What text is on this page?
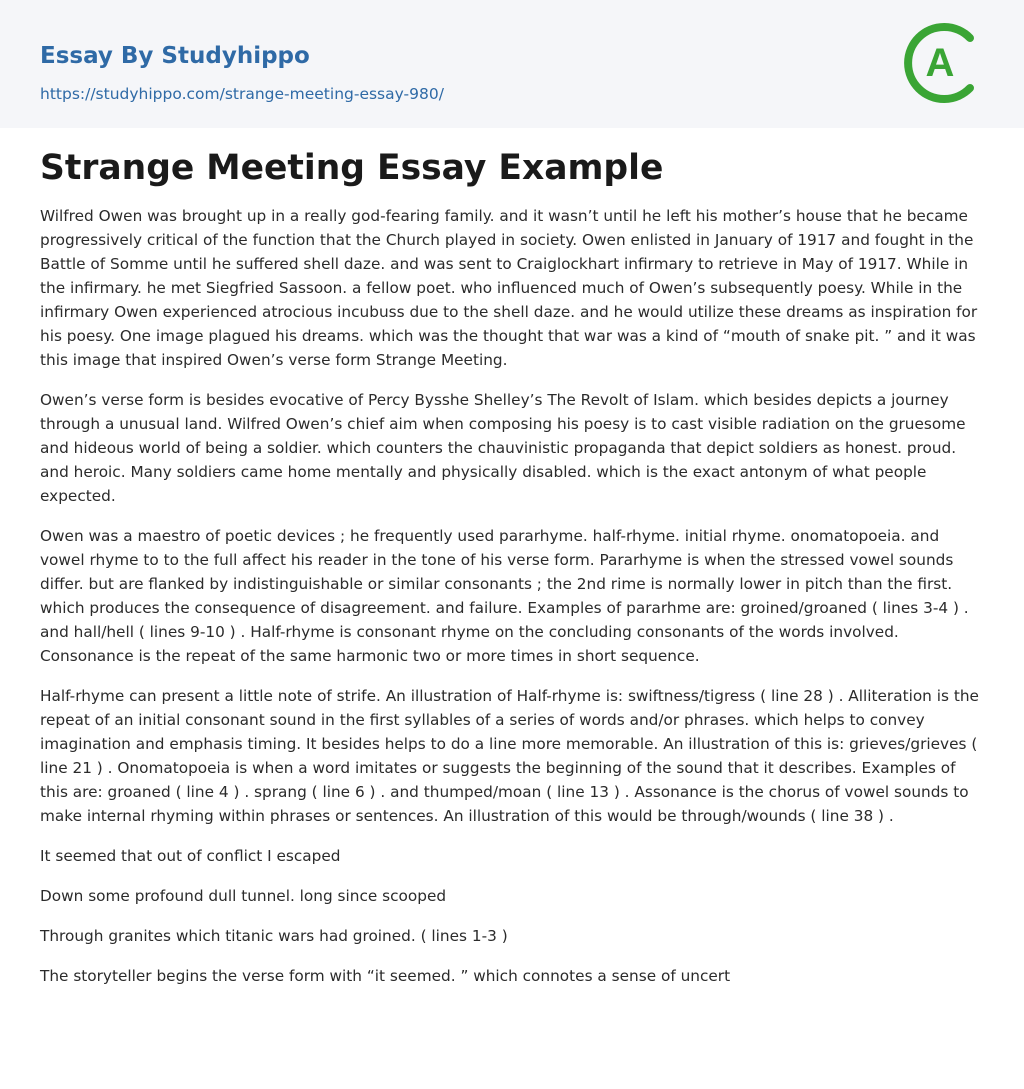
Essay By Studyhippo
https://studyhippo.com/strange-meeting-essay-980/
A
Strange Meeting Essay Example

Wilfred Owen was brought up in a really god-fearing family. and it wasn’t until he left his mother’s house that he became progressively critical of the function that the Church played in society. Owen enlisted in January of 1917 and fought in the Battle of Somme until he suffered shell daze. and was sent to Craiglockhart infirmary to retrieve in May of 1917. While in the infirmary. he met Siegfried Sassoon. a fellow poet. who influenced much of Owen’s subsequently poesy. While in the infirmary Owen experienced atrocious incubuss due to the shell daze. and he would utilize these dreams as inspiration for his poesy. One image plagued his dreams. which was the thought that war was a kind of “mouth of snake pit. ” and it was this image that inspired Owen’s verse form Strange Meeting.

Owen’s verse form is besides evocative of Percy Bysshe Shelley’s The Revolt of Islam. which besides depicts a journey through a unusual land. Wilfred Owen’s chief aim when composing his poesy is to cast visible radiation on the gruesome and hideous world of being a soldier. which counters the chauvinistic propaganda that depict soldiers as honest. proud. and heroic. Many soldiers came home mentally and physically disabled. which is the exact antonym of what people expected.

Owen was a maestro of poetic devices ; he frequently used pararhyme. half-rhyme. initial rhyme. onomatopoeia. and vowel rhyme to to the full affect his reader in the tone of his verse form. Pararhyme is when the stressed vowel sounds differ. but are flanked by indistinguishable or similar consonants ; the 2nd rime is normally lower in pitch than the first. which produces the consequence of disagreement. and failure. Examples of pararhme are: groined/groaned ( lines 3-4 ) . and hall/hell ( lines 9-10 ) . Half-rhyme is consonant rhyme on the concluding consonants of the words involved. Consonance is the repeat of the same harmonic two or more times in short sequence.

Half-rhyme can present a little note of strife. An illustration of Half-rhyme is: swiftness/tigress ( line 28 ) . Alliteration is the repeat of an initial consonant sound in the first syllables of a series of words and/or phrases. which helps to convey imagination and emphasis timing. It besides helps to do a line more memorable. An illustration of this is: grieves/grieves ( line 21 ) . Onomatopoeia is when a word imitates or suggests the beginning of the sound that it describes. Examples of this are: groaned ( line 4 ) . sprang ( line 6 ) . and thumped/moan ( line 13 ) . Assonance is the chorus of vowel sounds to make internal rhyming within phrases or sentences. An illustration of this would be through/wounds ( line 38 ) .

It seemed that out of conflict I escaped

Down some profound dull tunnel. long since scooped

Through granites which titanic wars had groined. ( lines 1-3 )

The storyteller begins the verse form with “it seemed. ” which connotes a sense of uncert
